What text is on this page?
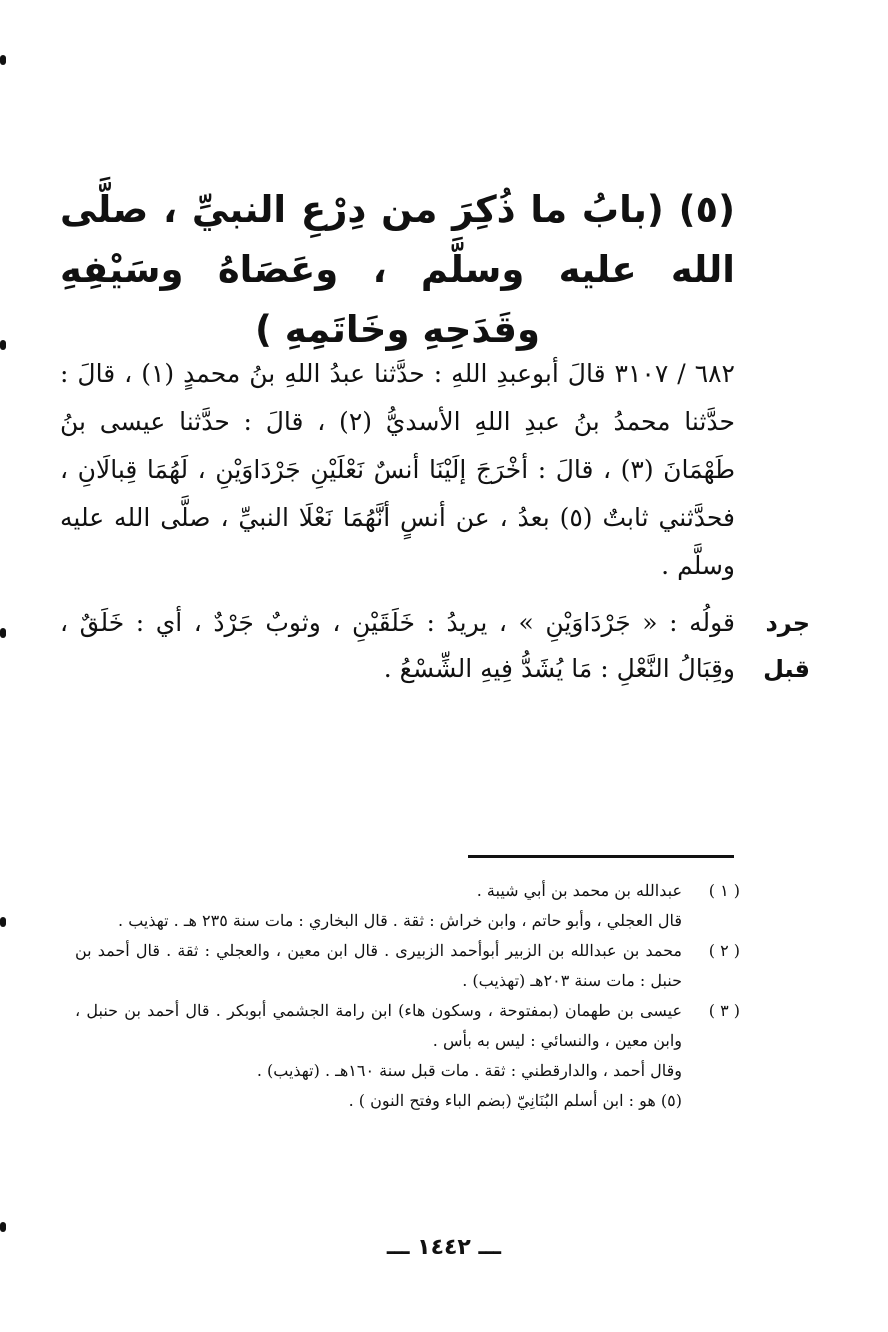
(٥) (بابُ ما ذُكِرَ من دِرْعِ النبيِّ ، صلَّى الله عليه وسلَّم ، وعَصَاهُ وسَيْفِهِ وقَدَحِهِ وخَاتَمِهِ )
٦٨٢ / ٣١٠٧ قالَ أبوعبدِ اللهِ : حدَّثنا عبدُ اللهِ بنُ محمدٍ (١) ، قالَ : حدَّثنا محمدُ بنُ عبدِ اللهِ الأسديُّ (٢) ، قالَ : حدَّثنا عيسى بنُ طَهْمَانَ (٣) ، قالَ : أخْرَجَ إلَيْنَا أنسٌ نَعْلَيْنِ جَرْدَاوَيْنِ ، لَهُمَا قِبالَانِ ، فحدَّثني ثابتٌ (٥) بعدُ ، عن أنسٍ أنَّهُمَا نَعْلَا النبيِّ ، صلَّى الله عليه وسلَّم .
جرد
قبل
قولُه : « جَرْدَاوَيْنِ » ، يريدُ : خَلَقَيْنِ ، وثوبٌ جَرْدٌ ، أي : خَلَقٌ ، وقِبَالُ النَّعْلِ : مَا يُشَدُّ فِيهِ الشِّسْعُ .
( ١ )
عبدالله بن محمد بن أبي شيبة .
قال العجلي ، وأبو حاتم ، وابن خراش : ثقة . قال البخاري : مات سنة ٢٣٥ هـ . تهذيب .
( ٢ )
محمد بن عبدالله بن الزبير أبوأحمد الزبيرى . قال ابن معين ، والعجلي : ثقة . قال أحمد بن حنبل : مات سنة ٢٠٣هـ (تهذيب) .
( ٣ )
عيسى بن طهمان (بمفتوحة ، وسكون هاء) ابن رامة الجشمي أبوبكر . قال أحمد بن حنبل ، وابن معين ، والنسائي : ليس به بأس .
وقال أحمد ، والدارقطني : ثقة . مات قبل سنة ١٦٠هـ . (تهذيب) .
(٥) هو : ابن أسلم البُنَانِيّ (بضم الباء وفتح النون ) .
ـــ ١٤٤٢ ـــ
